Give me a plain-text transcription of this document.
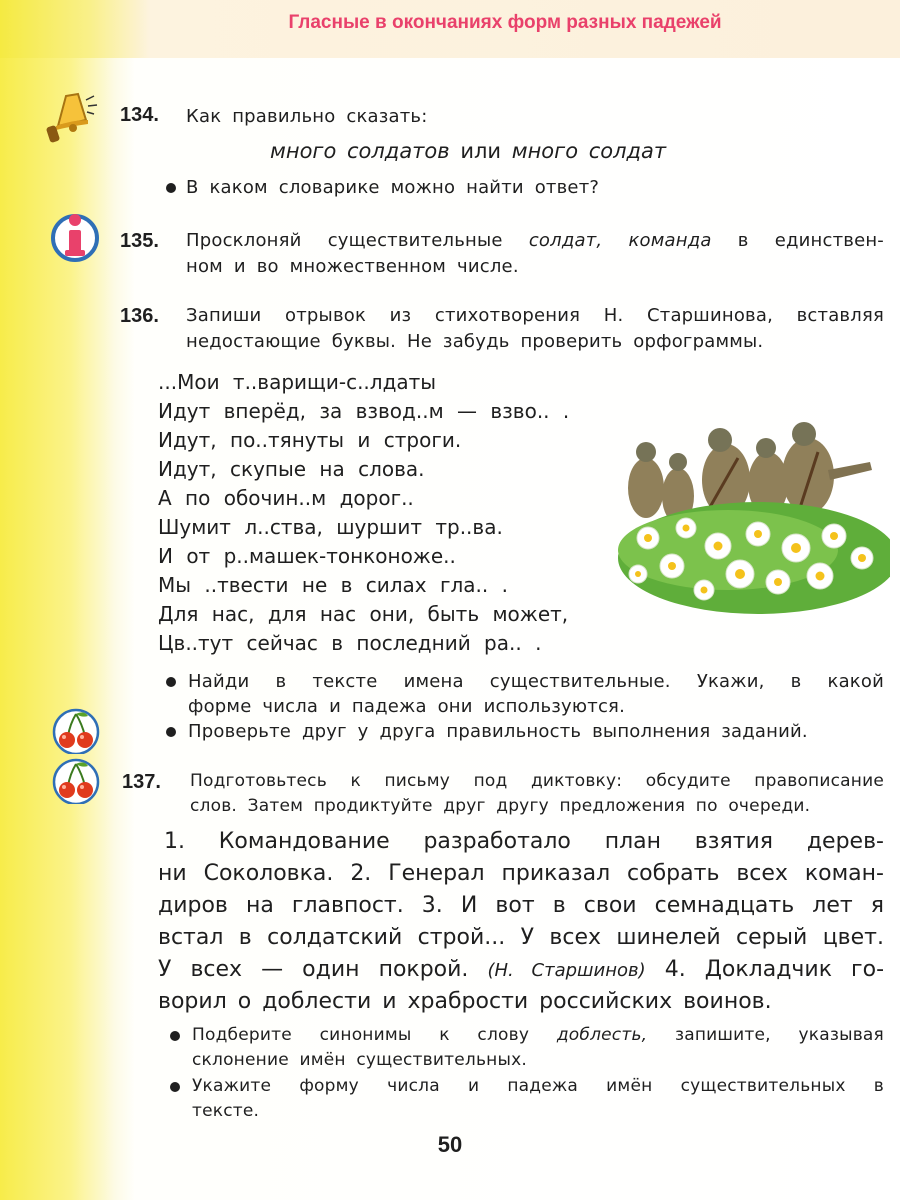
Гласные в окончаниях форм разных падежей
134. Как правильно сказать:
много солдатов или много солдат
В каком словарике можно найти ответ?
135. Просклоняй существительные солдат, команда в единствен-
ном и во множественном числе.
136. Запиши отрывок из стихотворения Н. Старшинова, вставляя
недостающие буквы. Не забудь проверить орфограммы.
...Мои т..варищи-с..лдаты
Идут вперёд, за взвод..м — взво.. .
Идут, по..тянуты и строги.
Идут, скупые на слова.
А по обочин..м дорог..
Шумит л..ства, шуршит тр..ва.
И от р..машек-тонконоже..
Мы ..твести не в силах гла.. .
Для нас, для нас они, быть может,
Цв..тут сейчас в последний ра.. .
Найди в тексте имена существительные. Укажи, в какой
форме числа и падежа они используются.
Проверьте друг у друга правильность выполнения заданий.
137. Подготовьтесь к письму под диктовку: обсудите правописание
слов. Затем продиктуйте друг другу предложения по очереди.
1. Командование разработало план взятия дерев-
ни Соколовка. 2. Генерал приказал собрать всех коман-
диров на главпост. 3. И вот в свои семнадцать лет я
встал в солдатский строй... У всех шинелей серый цвет.
У всех — один покрой. (Н. Старшинов) 4. Докладчик го-
ворил о доблести и храбрости российских воинов.
Подберите синонимы к слову доблесть, запишите, указывая
склонение имён существительных.
Укажите форму числа и падежа имён существительных в
тексте.
50
